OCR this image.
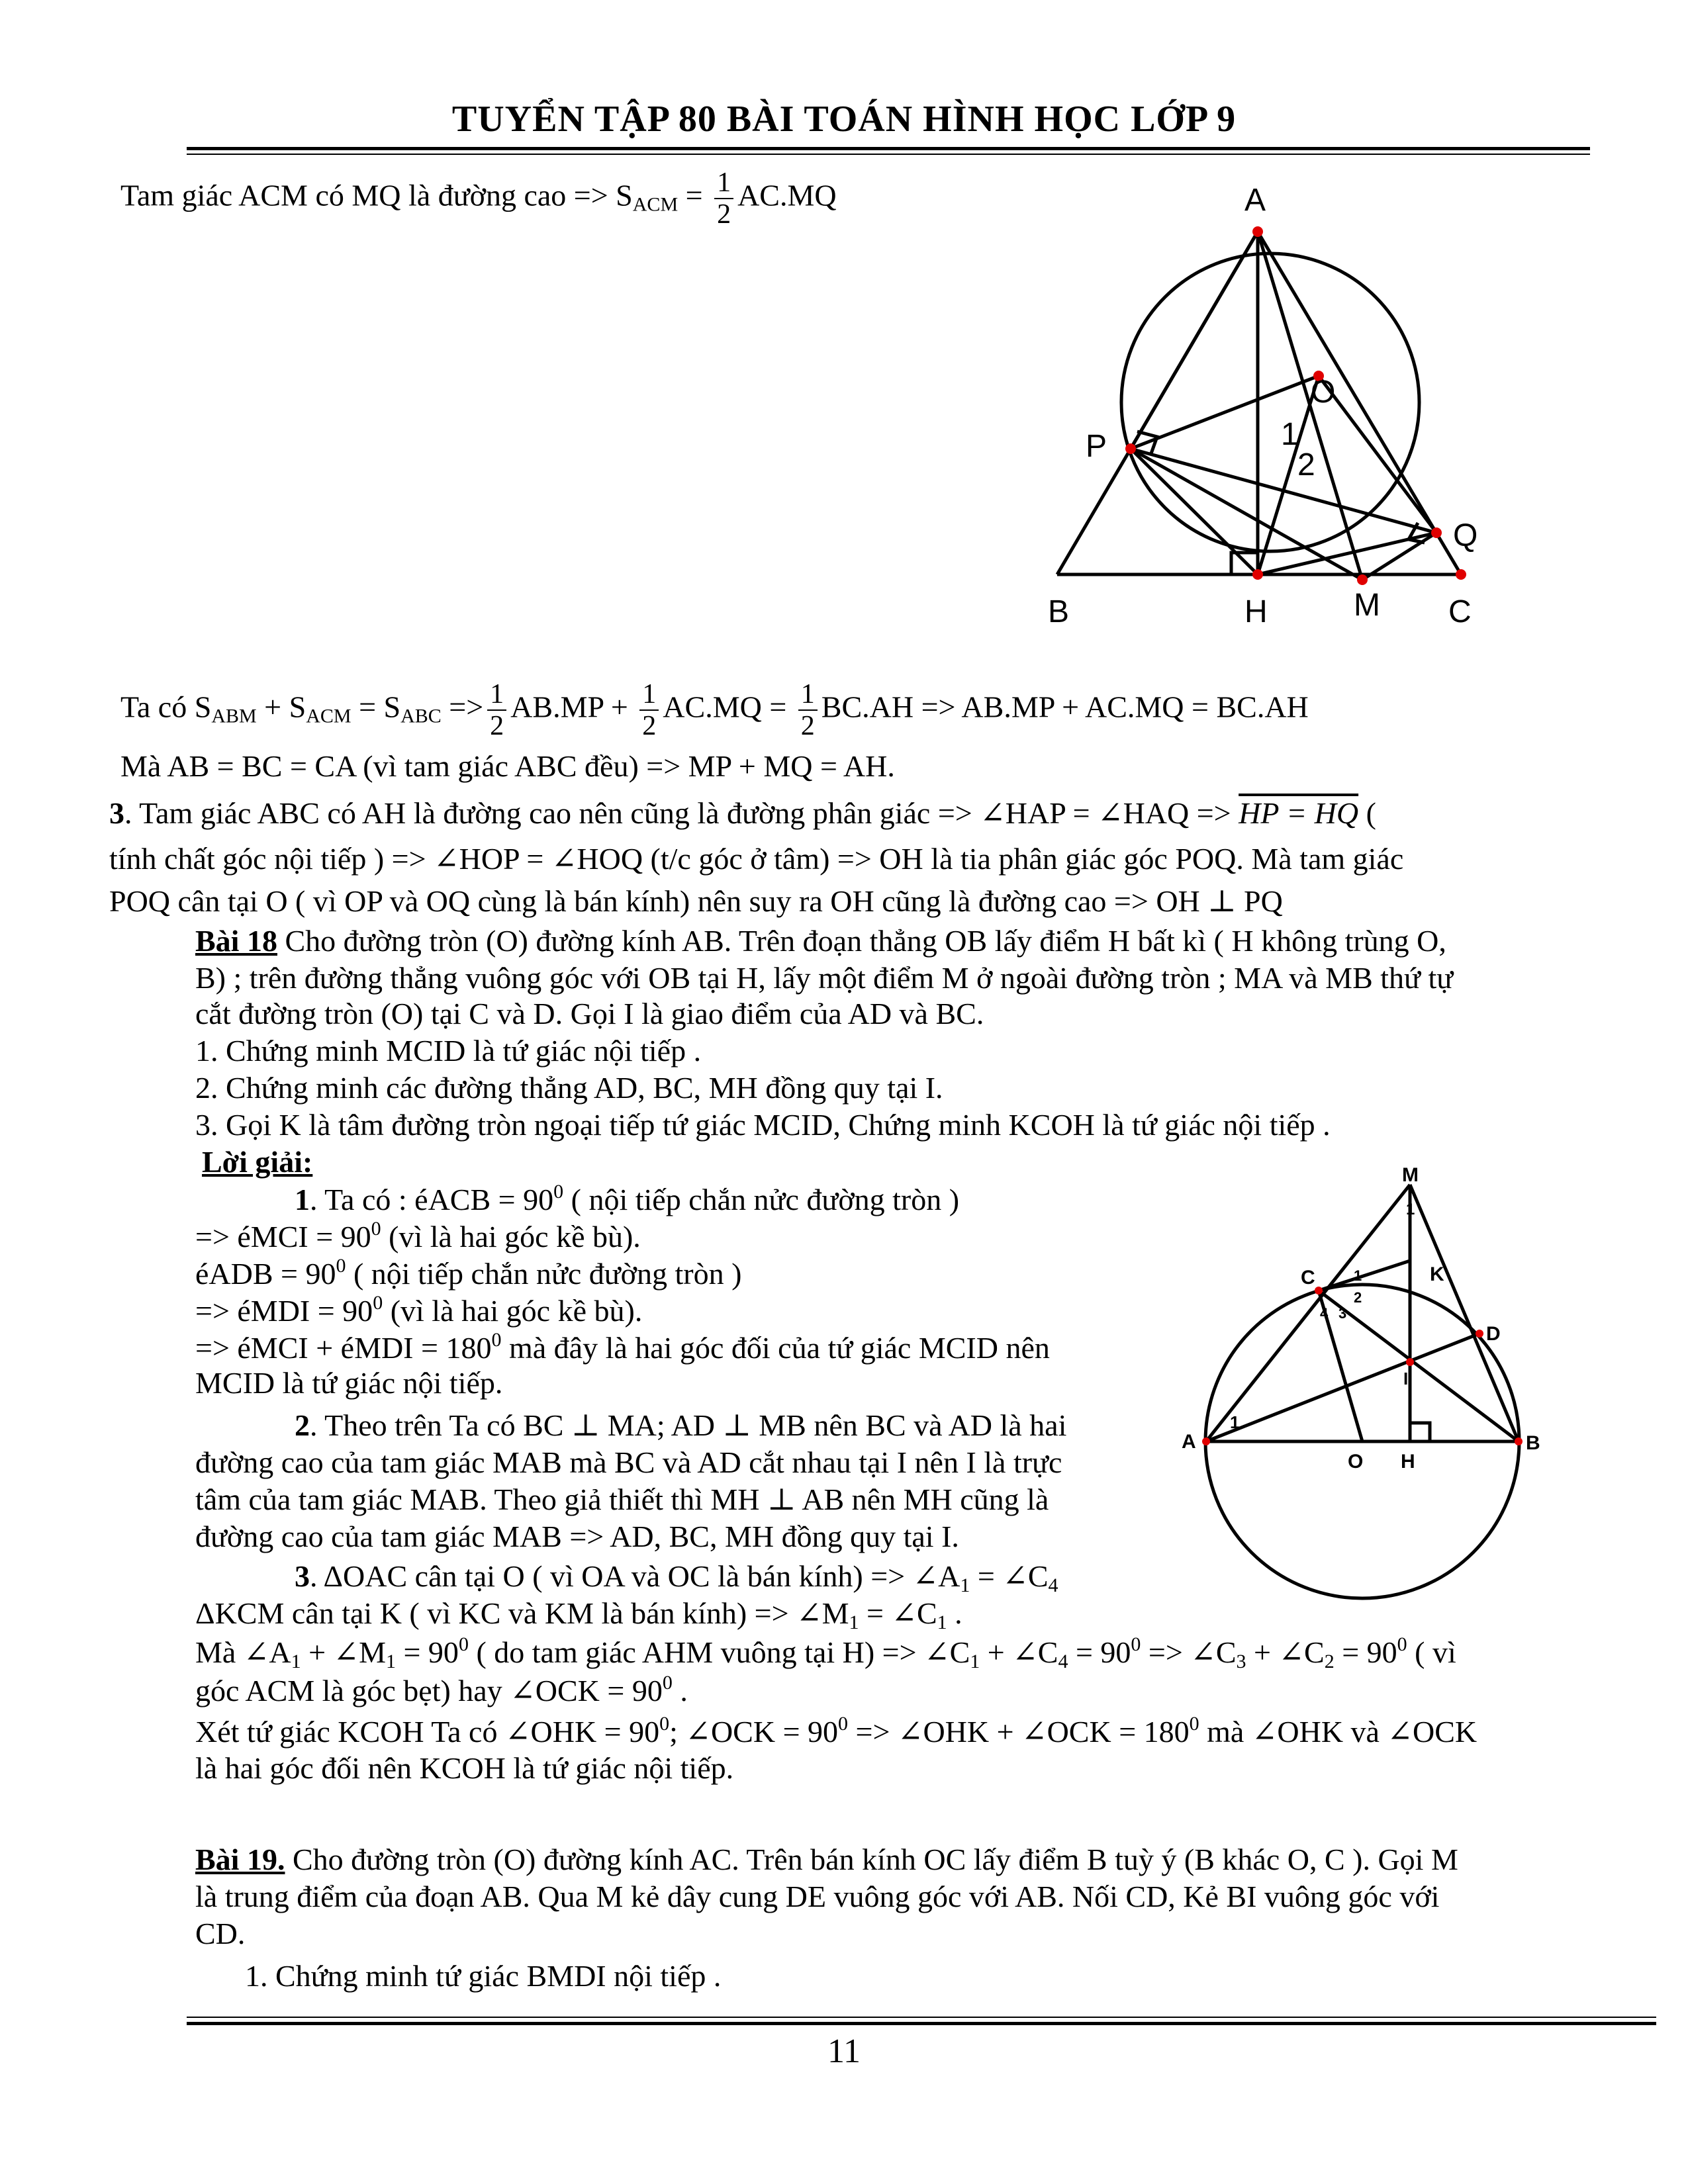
TUYỂN TẬP 80 BÀI TOÁN HÌNH HỌC LỚP 9
Tam giác ACM có MQ là đường cao => $S_{ACM} = \frac{1}{2} AC.MQ$	A
O
P	1
2
Q
B	H	M C
Ta có $S_{ABM} + S_{ACM} = S_{ABC} => \frac{1}{2} AB.MP + \frac{1}{2} AC.MQ = \frac{1}{2} BC.AH => AB.MP + AC.MQ = BC.AH$
Mà AB = BC = CA (vì tam giác ABC đều) => MP + MQ = AH.
3. Tam giác ABC có AH là đường cao nên cũng là đường phân giác => ∠HAP = ∠HAQ => HP = HQ (
tính chất góc nội tiếp ) => ∠HOP = ∠HOQ (t/c góc ở tâm) => OH là tia phân giác góc POQ. Mà tam giác
POQ cân tại O ( vì OP và OQ cùng là bán kính) nên suy ra OH cũng là đường cao => OH ⊥ PQ
Bài 18 Cho đường tròn (O) đường kính AB. Trên đoạn thẳng OB lấy điểm H bất kì ( H không trùng O,
B) ; trên đường thẳng vuông góc với OB tại H, lấy một điểm M ở ngoài đường tròn ; MA và MB thứ tự
cắt đường tròn (O) tại C và D. Gọi I là giao điểm của AD và BC.
1. Chứng minh MCID là tứ giác nội tiếp .
2. Chứng minh các đường thẳng AD, BC, MH đồng quy tại I.
3. Gọi K là tâm đường tròn ngoại tiếp tứ giác MCID, Chứng minh KCOH là tứ giác nội tiếp .
Lời giải:
1. Ta có : éACB = $90^0$ ( nội tiếp chắn nửc đường tròn )
=> éMCI = $90^0$ (vì là hai góc kề bù).
éADB = $90^0$ ( nội tiếp chắn nửc đường tròn )
=> éMDI = $90^0$ (vì là hai góc kề bù).
=> éMCI + éMDI = $180^0$ mà đây là hai góc đối của tứ giác MCID nên
MCID là tứ giác nội tiếp.
2. Theo trên Ta có BC ⊥ MA; AD ⊥ MB nên BC và AD là hai
đường cao của tam giác MAB mà BC và AD cắt nhau tại I nên I là trực
tâm của tam giác MAB. Theo giả thiết thì MH ⊥ AB nên MH cũng là
đường cao của tam giác MAB => AD, BC, MH đồng quy tại I.
3. ΔOAC cân tại O ( vì OA và OC là bán kính) => $\angle A_1$ = $\angle C_4$
ΔKCM cân tại K ( vì KC và KM là bán kính) => $\angle M_1$ = $\angle C_1$ .
Mà $\angle A_1$ + $\angle M_1 = 90^0$ ( do tam giác AHM vuông tại $H) => \angle C_1$ + $\angle C_4 = 90^0$ => $\angle C_3$ + $\angle C_2 = 90^0$ ( vì
góc ACM là góc bẹt) hay ∠OCK = $90^0$ .
Xét tứ giác KCOH Ta có ∠OHK = $90^0$; ∠OCK = $90^0$ => ∠OHK + ∠OCK = $180^0$ mà ∠OHK và ∠OCK
là hai góc đối nên KCOH là tứ giác nội tiếp.
M
1
C	1	K
2
4 3
D
I
A
1
O H
B
Bài 19. Cho đường tròn (O) đường kính AC. Trên bán kính OC lấy điểm B tuỳ ý (B khác O, C ). Gọi M
là trung điểm của đoạn AB. Qua M kẻ dây cung DE vuông góc với AB. Nối CD, Kẻ BI vuông góc với
CD.
1. Chứng minh tứ giác BMDI nội tiếp .
11
